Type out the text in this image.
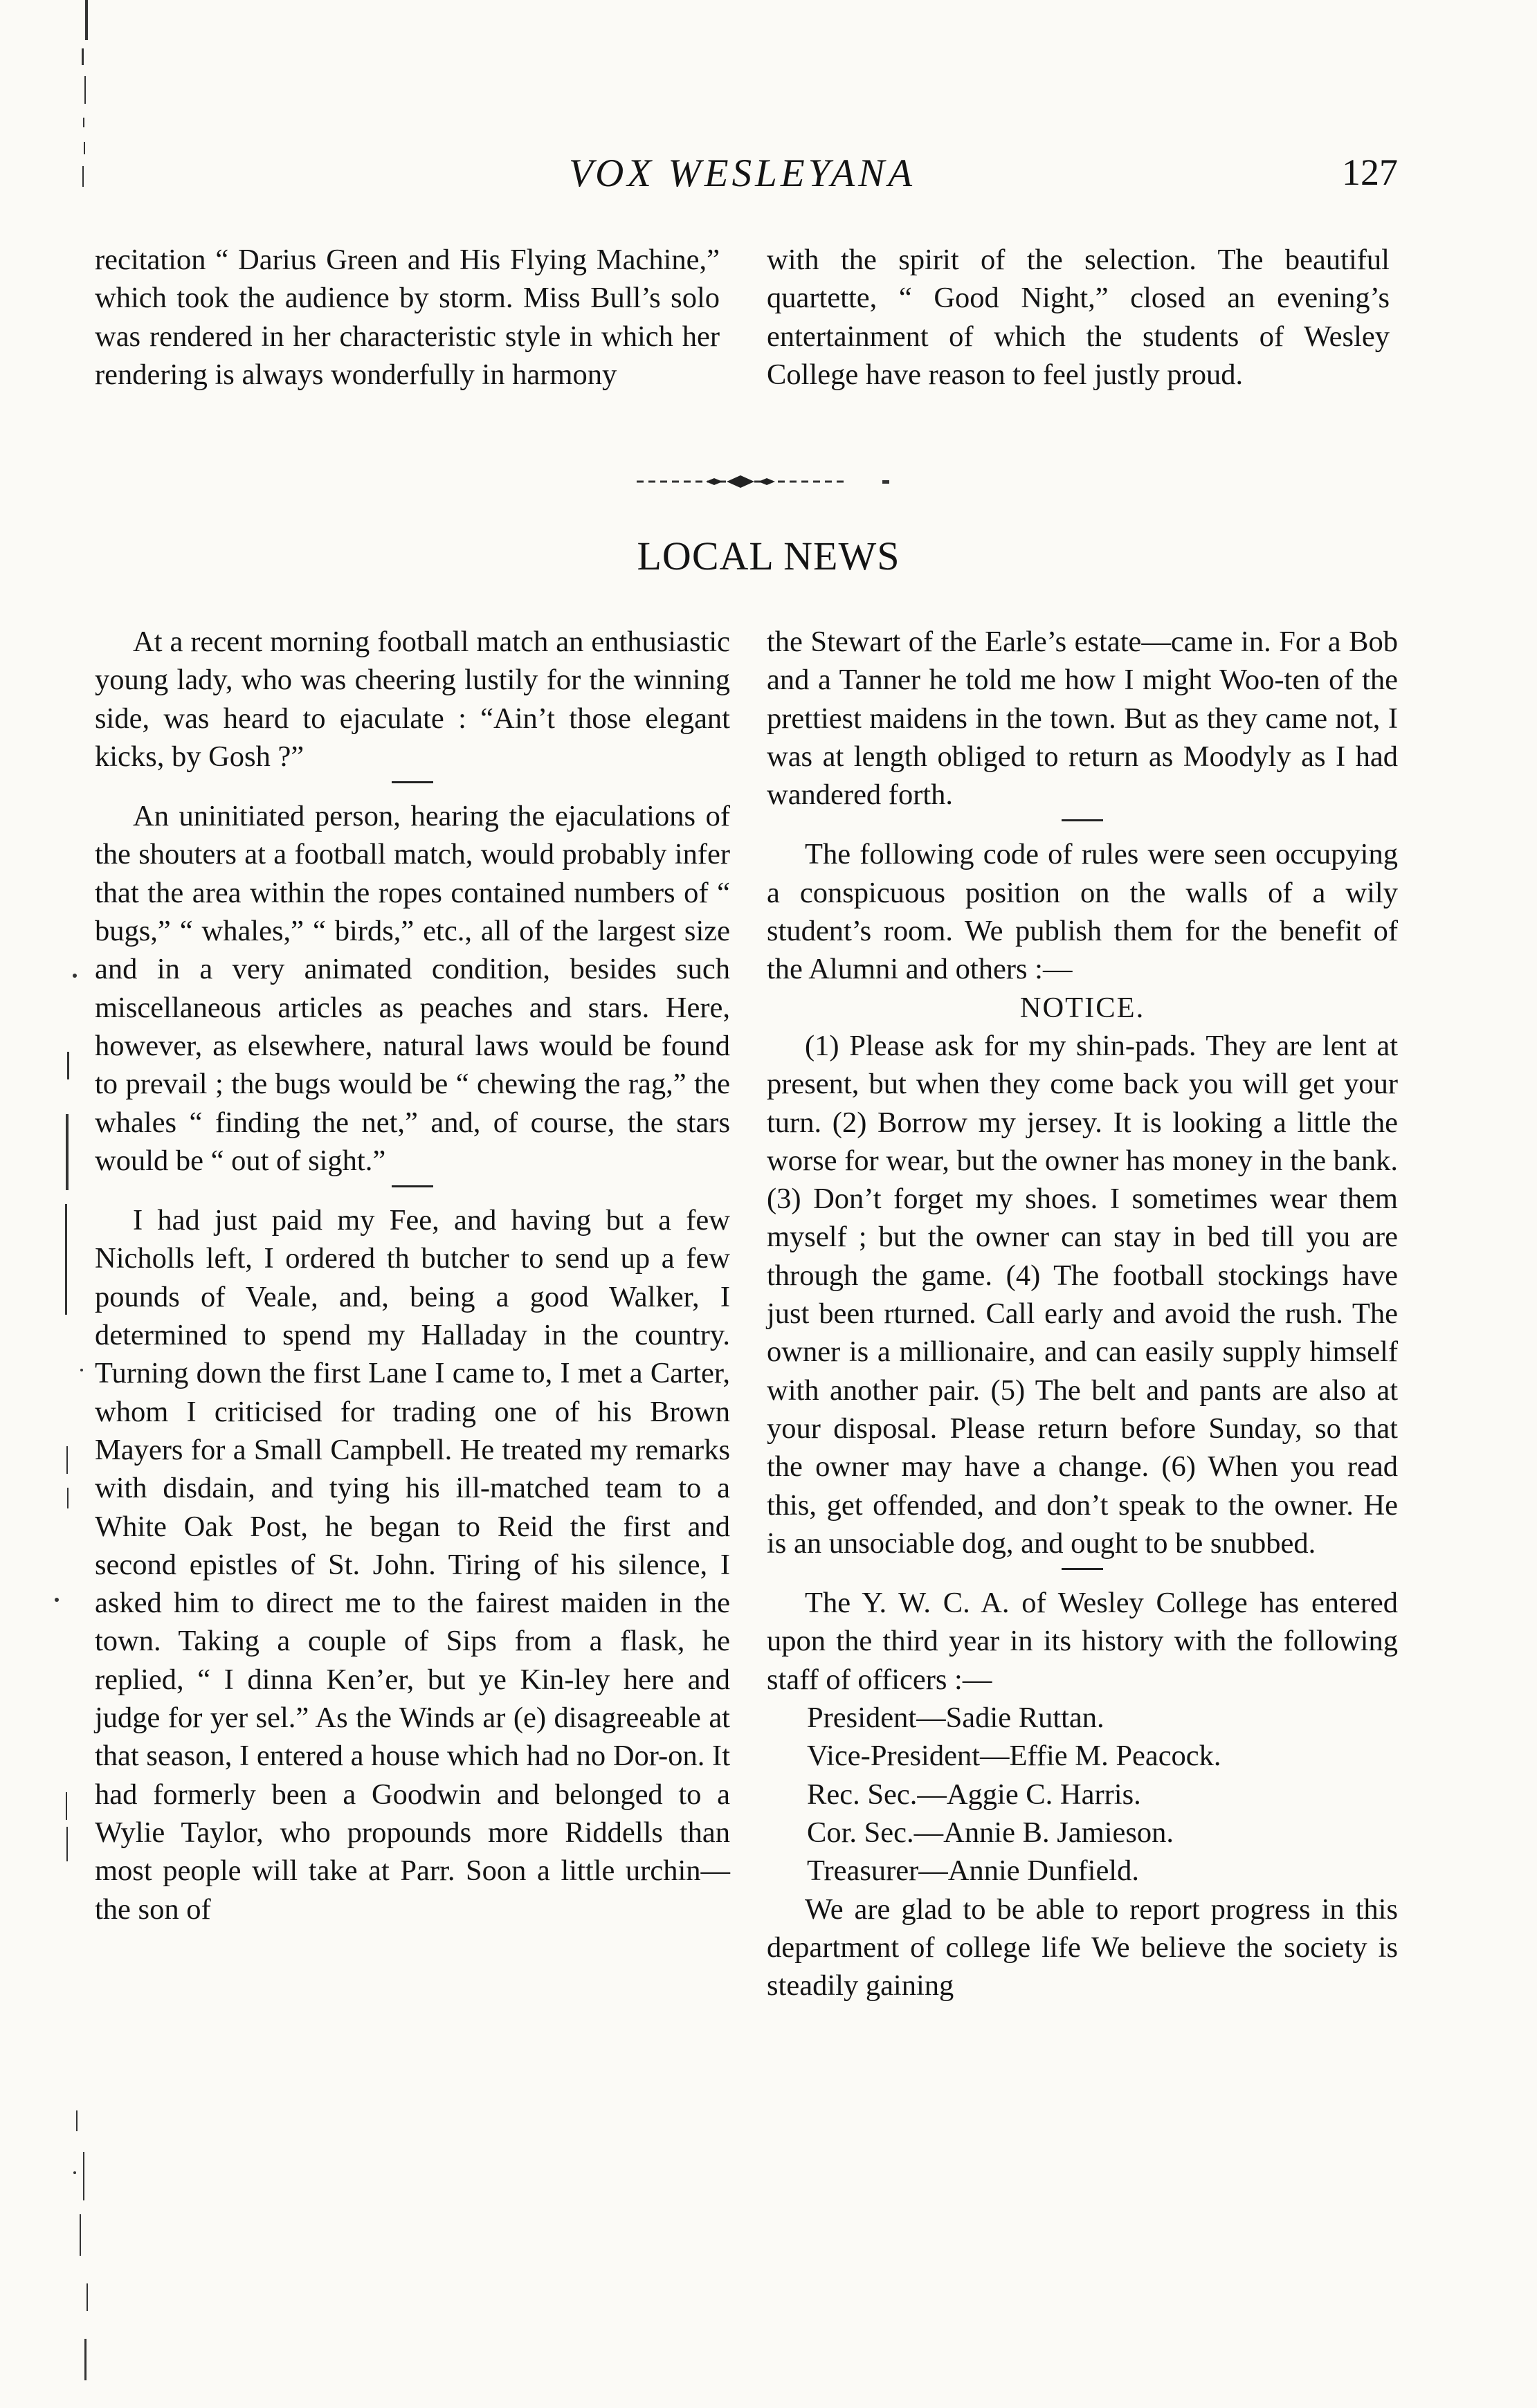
VOX WESLEYANA	127

recitation “ Darius Green and His Flying Machine,” which took the audience by storm. Miss Bull’s solo was rendered in her characteristic style in which her rendering is always wonderfully in harmony

with the spirit of the selection. The beautiful quartette, “ Good Night,” closed an evening’s entertainment of which the students of Wesley College have reason to feel justly proud.

LOCAL NEWS

At a recent morning football match an enthusiastic young lady, who was cheering lustily for the winning side, was heard to ejaculate : “Ain’t those elegant kicks, by Gosh ?”

An uninitiated person, hearing the ejaculations of the shouters at a football match, would probably infer that the area within the ropes contained numbers of “ bugs,” “ whales,” “ birds,” etc., all of the largest size and in a very animated condition, besides such miscellaneous articles as peaches and stars. Here, however, as elsewhere, natural laws would be found to prevail ; the bugs would be “ chewing the rag,” the whales “ finding the net,” and, of course, the stars would be “ out of sight.”

I had just paid my Fee, and having but a few Nicholls left, I ordered th butcher to send up a few pounds of Veale, and, being a good Walker, I determined to spend my Halladay in the country. Turning down the first Lane I came to, I met a Carter, whom I criticised for trading one of his Brown Mayers for a Small Campbell. He treated my remarks with disdain, and tying his ill-matched team to a White Oak Post, he began to Reid the first and second epistles of St. John. Tiring of his silence, I asked him to direct me to the fairest maiden in the town. Taking a couple of Sips from a flask, he replied, “ I dinna Ken’er, but ye Kin-ley here and judge for yer sel.” As the Winds ar (e) disagreeable at that season, I entered a house which had no Dor-on. It had formerly been a Goodwin and belonged to a Wylie Taylor, who propounds more Riddells than most people will take at Parr. Soon a little urchin—the son of

the Stewart of the Earle’s estate—came in. For a Bob and a Tanner he told me how I might Woo-ten of the prettiest maidens in the town. But as they came not, I was at length obliged to return as Moodyly as I had wandered forth.

The following code of rules were seen occupying a conspicuous position on the walls of a wily student’s room. We publish them for the benefit of the Alumni and others :—

NOTICE.

(1) Please ask for my shin-pads. They are lent at present, but when they come back you will get your turn. (2) Borrow my jersey. It is looking a little the worse for wear, but the owner has money in the bank. (3) Don’t forget my shoes. I sometimes wear them myself ; but the owner can stay in bed till you are through the game. (4) The football stockings have just been rturned. Call early and avoid the rush. The owner is a millionaire, and can easily supply himself with another pair. (5) The belt and pants are also at your disposal. Please return before Sunday, so that the owner may have a change. (6) When you read this, get offended, and don’t speak to the owner. He is an unsociable dog, and ought to be snubbed.

The Y. W. C. A. of Wesley College has entered upon the third year in its history with the following staff of officers :—

President—Sadie Ruttan.

Vice-President—Effie M. Peacock.

Rec. Sec.—Aggie C. Harris.

Cor. Sec.—Annie B. Jamieson.

Treasurer—Annie Dunfield.

We are glad to be able to report progress in this department of college life We believe the society is steadily gaining
